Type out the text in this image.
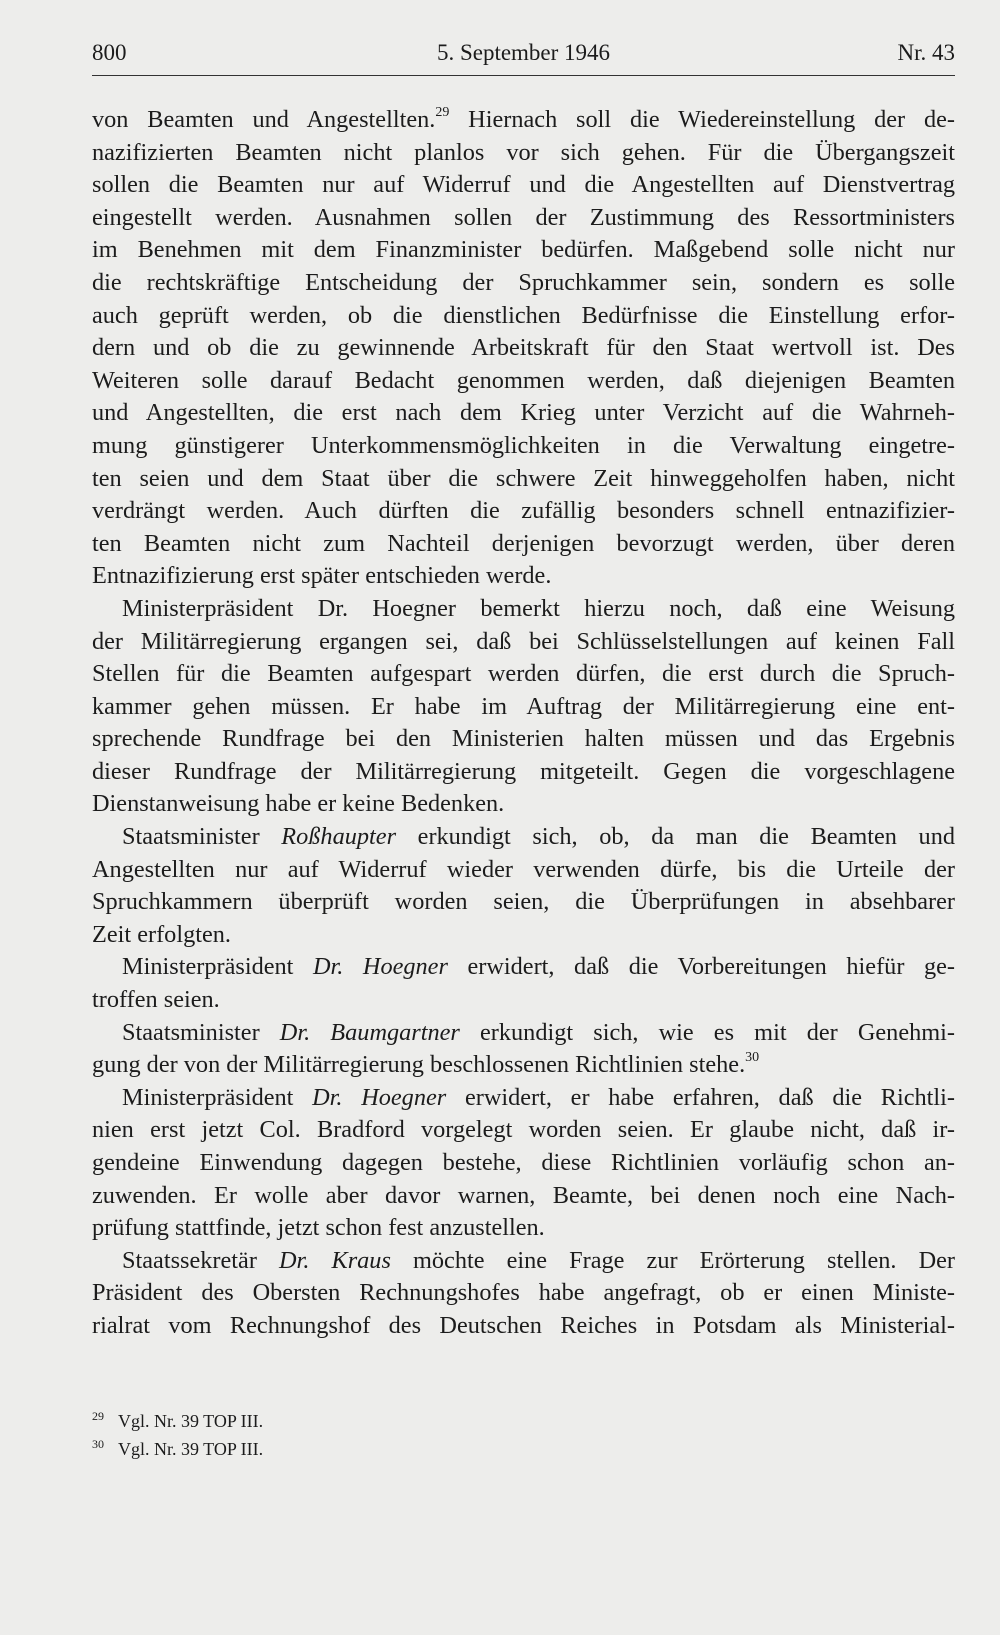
800	5. September 1946	Nr. 43
von Beamten und Angestellten.$^{29}$ Hiernach soll die Wiedereinstellung der de-
nazifizierten Beamten nicht planlos vor sich gehen. Für die Übergangszeit
sollen die Beamten nur auf Widerruf und die Angestellten auf Dienstvertrag
eingestellt werden. Ausnahmen sollen der Zustimmung des Ressortministers
im Benehmen mit dem Finanzminister bedürfen. Maßgebend solle nicht nur
die rechtskräftige Entscheidung der Spruchkammer sein, sondern es solle
auch geprüft werden, ob die dienstlichen Bedürfnisse die Einstellung erfor-
dern und ob die zu gewinnende Arbeitskraft für den Staat wertvoll ist. Des
Weiteren solle darauf Bedacht genommen werden, daß diejenigen Beamten
und Angestellten, die erst nach dem Krieg unter Verzicht auf die Wahrneh-
mung günstigerer Unterkommensmöglichkeiten in die Verwaltung eingetre-
ten seien und dem Staat über die schwere Zeit hinweggeholfen haben, nicht
verdrängt werden. Auch dürften die zufällig besonders schnell entnazifizier-
ten Beamten nicht zum Nachteil derjenigen bevorzugt werden, über deren
Entnazifizierung erst später entschieden werde.
Ministerpräsident Dr. Hoegner bemerkt hierzu noch, daß eine Weisung
der Militärregierung ergangen sei, daß bei Schlüsselstellungen auf keinen Fall
Stellen für die Beamten aufgespart werden dürfen, die erst durch die Spruch-
kammer gehen müssen. Er habe im Auftrag der Militärregierung eine ent-
sprechende Rundfrage bei den Ministerien halten müssen und das Ergebnis
dieser Rundfrage der Militärregierung mitgeteilt. Gegen die vorgeschlagene
Dienstanweisung habe er keine Bedenken.
Staatsminister Roßhaupter erkundigt sich, ob, da man die Beamten und
Angestellten nur auf Widerruf wieder verwenden dürfe, bis die Urteile der
Spruchkammern überprüft worden seien, die Überprüfungen in absehbarer
Zeit erfolgten.
Ministerpräsident Dr. Hoegner erwidert, daß die Vorbereitungen hiefür ge-
troffen seien.
Staatsminister Dr. Baumgartner erkundigt sich, wie es mit der Genehmi-
gung der von der Militärregierung beschlossenen Richtlinien stehe.$^{30}$
Ministerpräsident Dr. Hoegner erwidert, er habe erfahren, daß die Richtli-
nien erst jetzt Col. Bradford vorgelegt worden seien. Er glaube nicht, daß ir-
gendeine Einwendung dagegen bestehe, diese Richtlinien vorläufig schon an-
zuwenden. Er wolle aber davor warnen, Beamte, bei denen noch eine Nach-
prüfung stattfinde, jetzt schon fest anzustellen.
Staatssekretär Dr. Kraus möchte eine Frage zur Erörterung stellen. Der
Präsident des Obersten Rechnungshofes habe angefragt, ob er einen Ministe-
rialrat vom Rechnungshof des Deutschen Reiches in Potsdam als Ministerial-
$^{29}$ Vgl. Nr. 39 TOP III.
$^{30}$ Vgl. Nr. 39 TOP III.
